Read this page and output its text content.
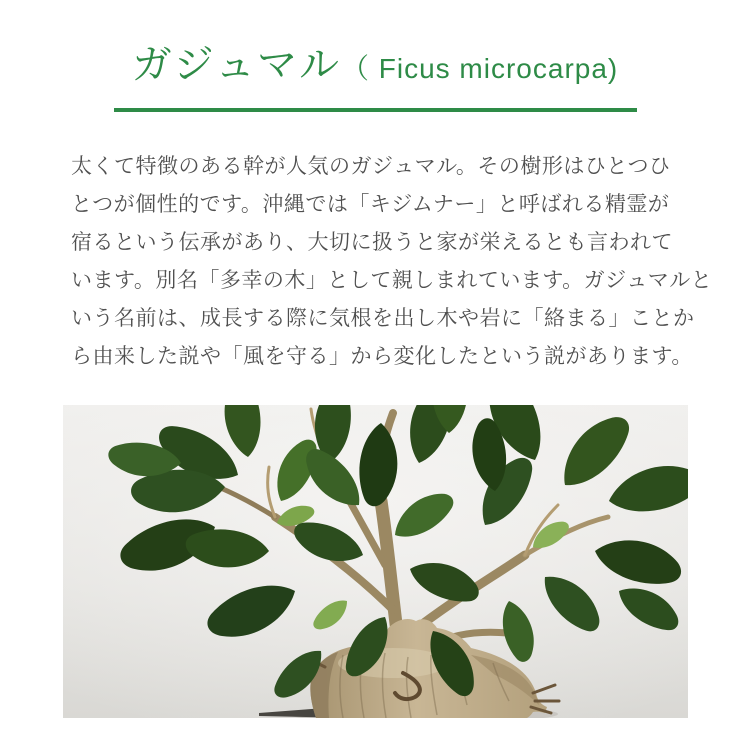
ガジュマル（ Ficus microcarpa)

太くて特徴のある幹が人気のガジュマル。その樹形はひとつひ

とつが個性的です。沖縄では「キジムナー」と呼ばれる精霊が

宿るという伝承があり、大切に扱うと家が栄えるとも言われて

います。別名「多幸の木」として親しまれています。ガジュマルと

いう名前は、成長する際に気根を出し木や岩に「絡まる」ことか

ら由来した説や「風を守る」から変化したという説があります。
